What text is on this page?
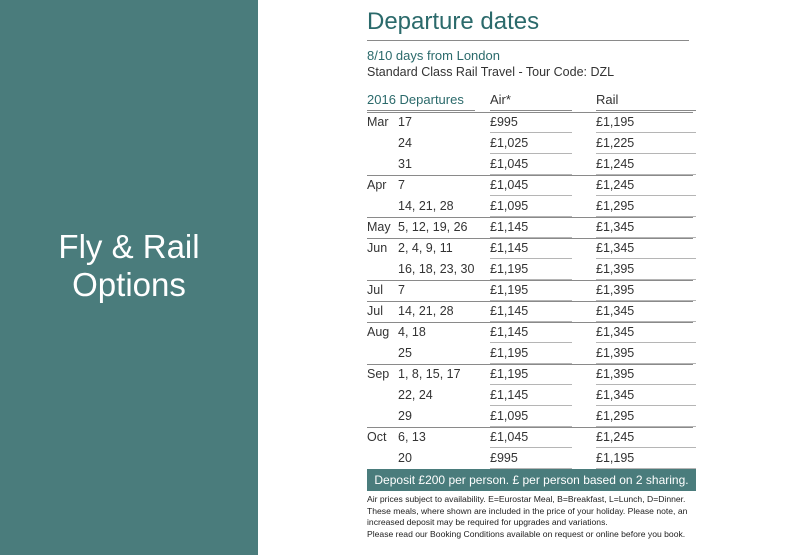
Fly & Rail
Options
Departure dates
8/10 days from London
Standard Class Rail Travel - Tour Code: DZL
2016 Departures	Air*	Rail
Mar 17	£995	£1,195
24	£1,025	£1,225
31	£1,045	£1,245
Apr 7	£1,045	£1,245
14, 21, 28	£1,095	£1,295
May 5, 12, 19, 26 £1,145	£1,345
Jun 2, 4, 9, 11	£1,145	£1,345
16, 18, 23, 30 £1,195	£1,395
Jul 7	£1,195	£1,395
Jul 14, 21, 28	£1,145	£1,345
Aug 4, 18	£1,145	£1,345
25	£1,195	£1,395
Sep 1, 8, 15, 17 £1,195	£1,395
22, 24	£1,145	£1,345
29	£1,095	£1,295
Oct 6, 13	£1,045	£1,245
20	£995	£1,195
Deposit £200 per person. £ per person based on 2 sharing.
Air prices subject to availability. E=Eurostar Meal, B=Breakfast, L=Lunch, D=Dinner.
These meals, where shown are included in the price of your holiday. Please note, an
increased deposit may be required for upgrades and variations.
Please read our Booking Conditions available on request or online before you book.
